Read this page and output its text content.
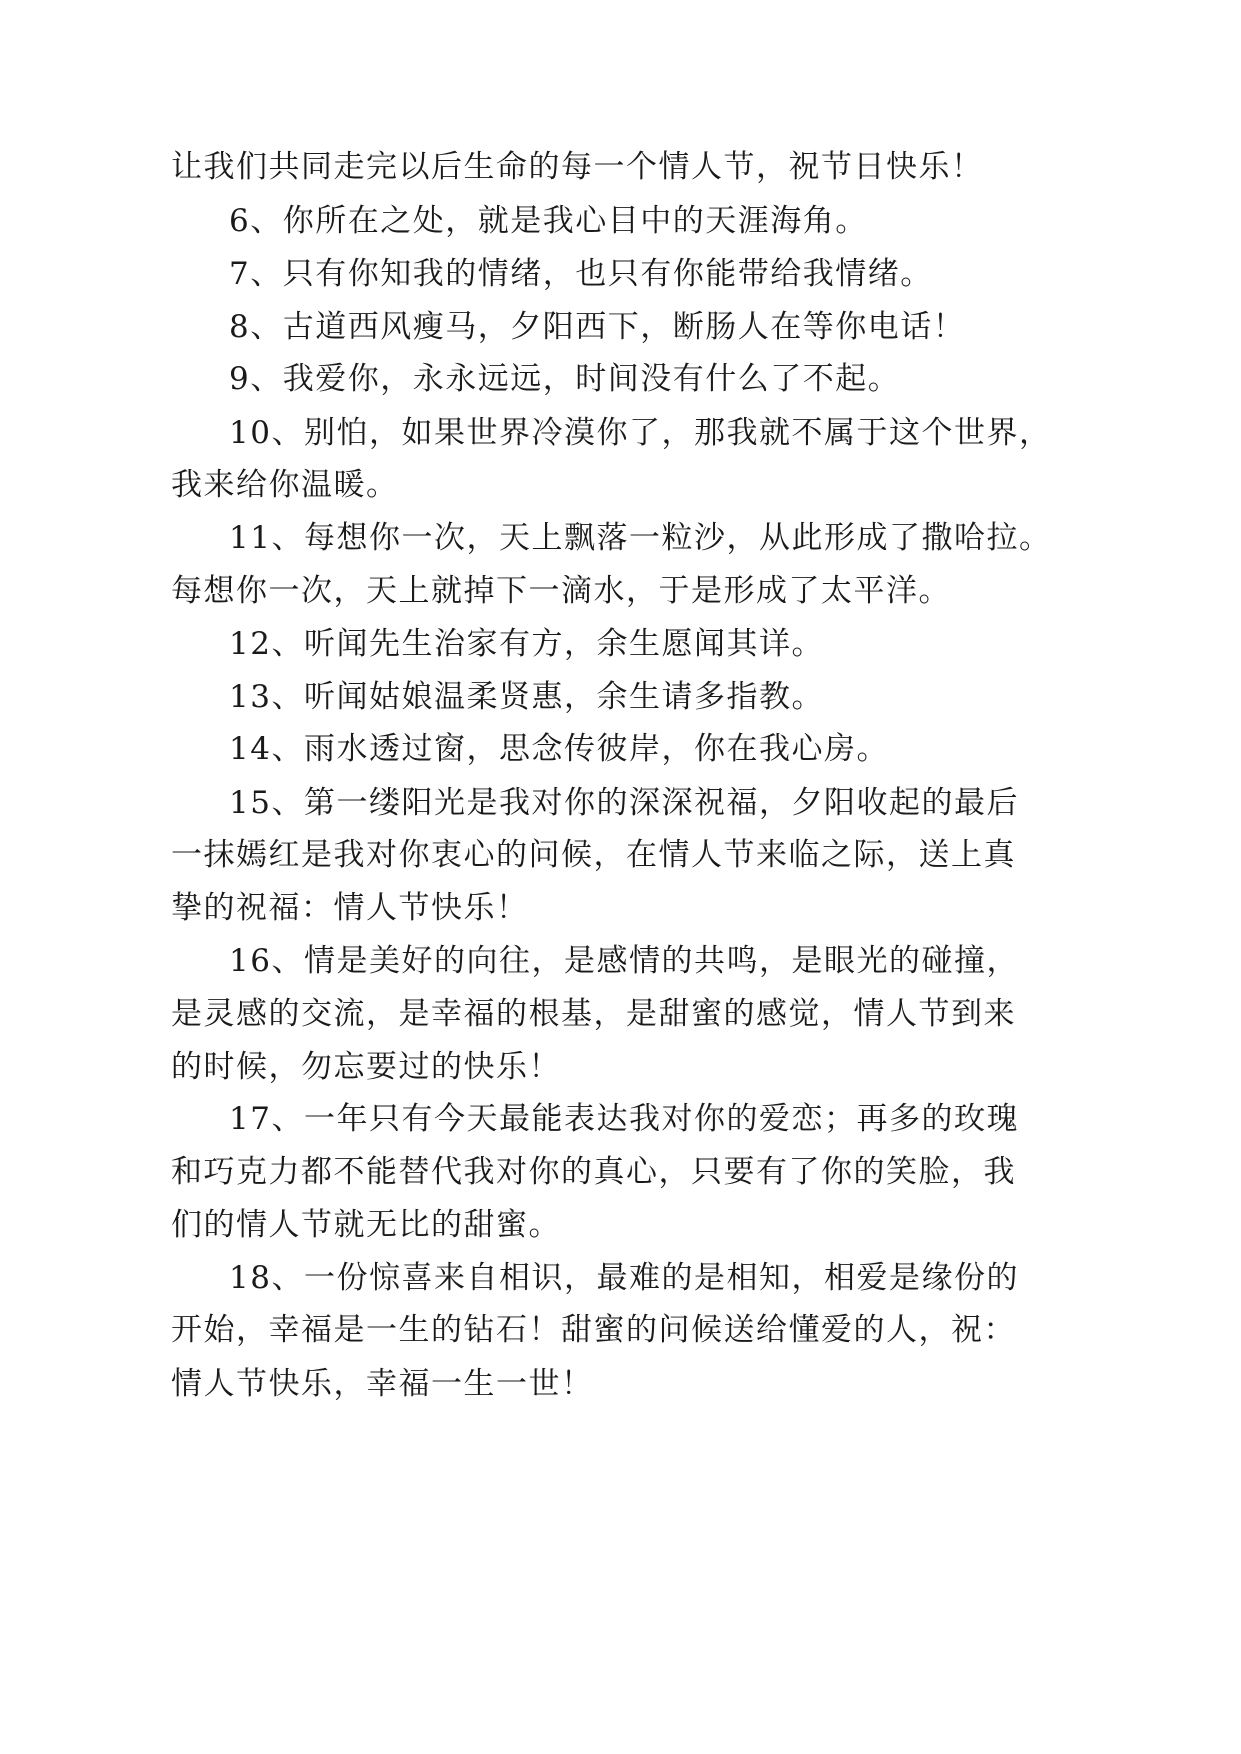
让我们共同走完以后生命的每一个情人节，祝节日快乐！

6、你所在之处，就是我心目中的天涯海角。

7、只有你知我的情绪，也只有你能带给我情绪。

8、古道西风瘦马，夕阳西下，断肠人在等你电话！

9、我爱你，永永远远，时间没有什么了不起。

10、别怕，如果世界冷漠你了，那我就不属于这个世界，

我来给你温暖。

11、每想你一次，天上飘落一粒沙，从此形成了撒哈拉。

每想你一次，天上就掉下一滴水，于是形成了太平洋。

12、听闻先生治家有方，余生愿闻其详。

13、听闻姑娘温柔贤惠，余生请多指教。

14、雨水透过窗，思念传彼岸，你在我心房。

15、第一缕阳光是我对你的深深祝福，夕阳收起的最后

一抹嫣红是我对你衷心的问候，在情人节来临之际，送上真

挚的祝福：情人节快乐！

16、情是美好的向往，是感情的共鸣，是眼光的碰撞，

是灵感的交流，是幸福的根基，是甜蜜的感觉，情人节到来

的时候，勿忘要过的快乐！

17、一年只有今天最能表达我对你的爱恋；再多的玫瑰

和巧克力都不能替代我对你的真心，只要有了你的笑脸，我

们的情人节就无比的甜蜜。

18、一份惊喜来自相识，最难的是相知，相爱是缘份的

开始，幸福是一生的钻石！甜蜜的问候送给懂爱的人，祝：

情人节快乐，幸福一生一世！
